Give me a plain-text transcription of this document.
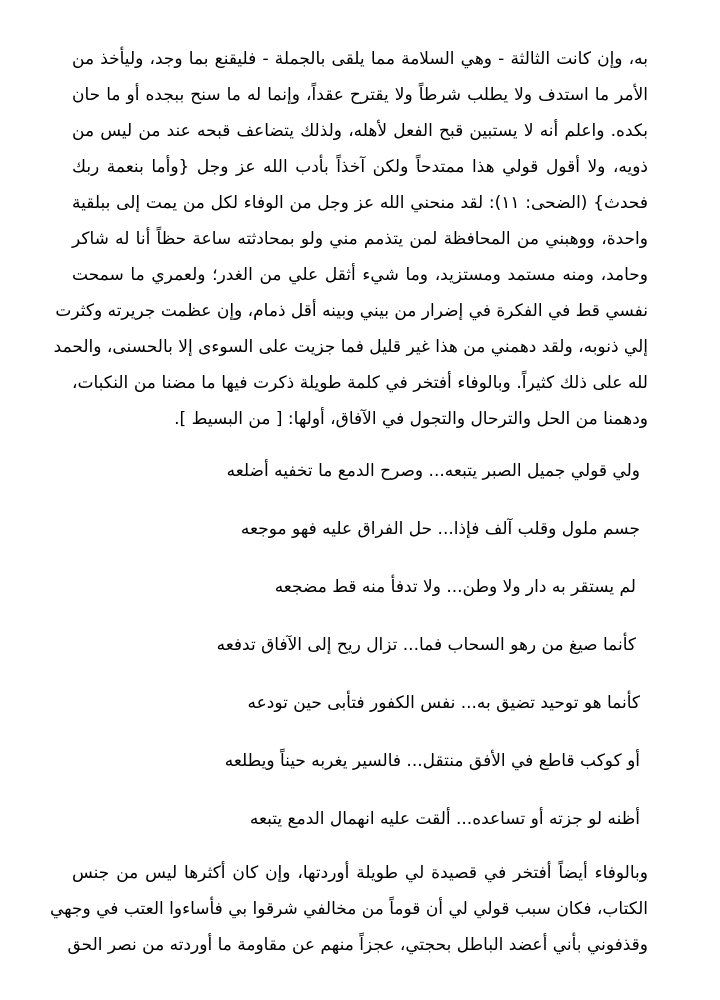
به، وإن كانت الثالثة - وهي السلامة مما يلقى بالجملة - فليقنع بما وجد، وليأخذ من
الأمر ما استدف ولا يطلب شرطاً ولا يقترح عقداً، وإنما له ما سنح ببجده أو ما حان
بكده. واعلم أنه لا يستبين قبح الفعل لأهله، ولذلك يتضاعف قبحه عند من ليس من
ذويه، ولا أقول قولي هذا ممتدحاً ولكن آخذاً بأدب الله عز وجل {وأما بنعمة ربك
فحدث} (الضحى: ١١): لقد منحني الله عز وجل من الوفاء لكل من يمت إلى ببلقية
واحدة، ووهبني من المحافظة لمن يتذمم مني ولو بمحادثته ساعة حظاً أنا له شاكر
وحامد، ومنه مستمد ومستزيد، وما شيء أثقل علي من الغدر؛ ولعمري ما سمحت
نفسي قط في الفكرة في إضرار من بيني وبينه أقل ذمام، وإن عظمت جريرته وكثرت
إلي ذنوبه، ولقد دهمني من هذا غير قليل فما جزيت على السوءى إلا بالحسنى، والحمد
لله على ذلك كثيراً. وبالوفاء أفتخر في كلمة طويلة ذكرت فيها ما مضنا من النكبات،
ودهمنا من الحل والترحال والتجول في الآفاق، أولها: [ من البسيط ].
ولي قولي جميل الصبر يتبعه... وصرح الدمع ما تخفيه أضلعه
جسم ملول وقلب آلف فإذا... حل الفراق عليه فهو موجعه
لم يستقر به دار ولا وطن... ولا تدفأ منه قط مضجعه
كأنما صيغ من رهو السحاب فما... تزال ريح إلى الآفاق تدفعه
كأنما هو توحيد تضيق به... نفس الكفور فتأبى حين تودعه
أو كوكب قاطع في الأفق منتقل... فالسير يغربه حيناً ويطلعه
أظنه لو جزته أو تساعده... ألقت عليه انهمال الدمع يتبعه
وبالوفاء أيضاً أفتخر في قصيدة لي طويلة أوردتها، وإن كان أكثرها ليس من جنس
الكتاب، فكان سبب قولي لي أن قوماً من مخالفي شرقوا بي فأساءوا العتب في وجهي
وقذفوني بأني أعضد الباطل بحجتي، عجزاً منهم عن مقاومة ما أوردته من نصر الحق
